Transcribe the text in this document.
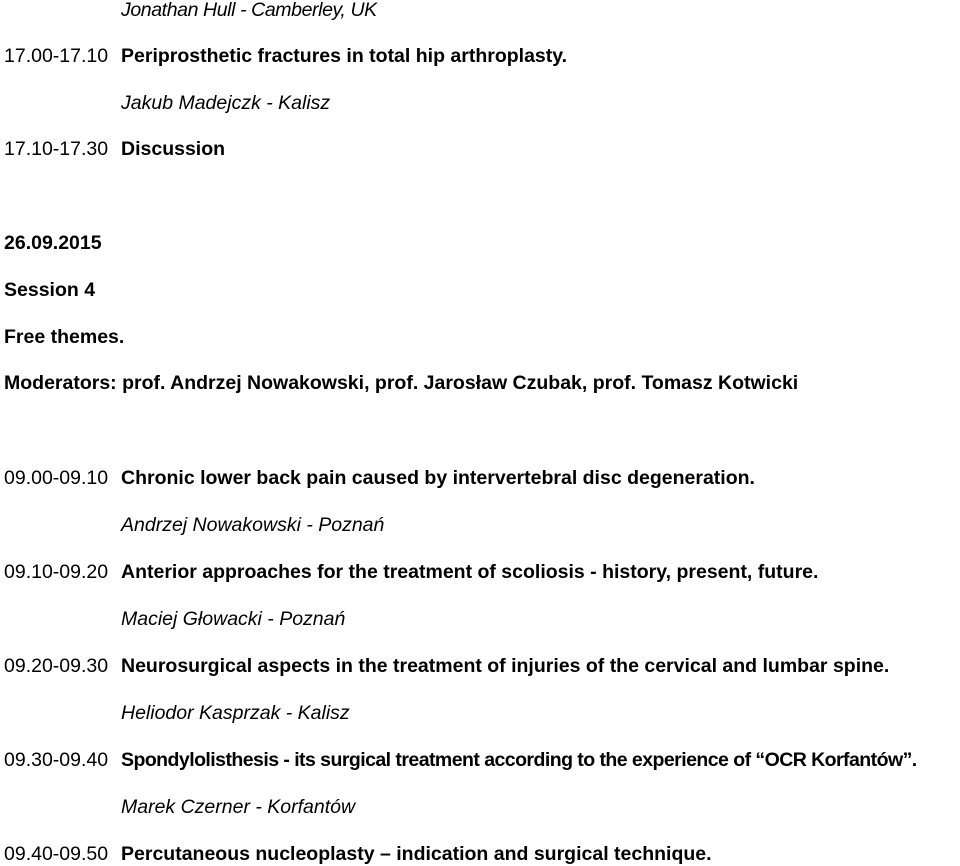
Jonathan Hull - Camberley, UK
17.00-17.10 Periprosthetic fractures in total hip arthroplasty.
Jakub Madejczk - Kalisz
17.10-17.30 Discussion
26.09.2015
Session 4
Free themes.
Moderators: prof. Andrzej Nowakowski, prof. Jarosław Czubak, prof. Tomasz Kotwicki
09.00-09.10 Chronic lower back pain caused by intervertebral disc degeneration.
Andrzej Nowakowski - Poznań
09.10-09.20 Anterior approaches for the treatment of scoliosis - history, present, future.
Maciej Głowacki - Poznań
09.20-09.30 Neurosurgical aspects in the treatment of injuries of the cervical and lumbar spine.
Heliodor Kasprzak - Kalisz
09.30-09.40 Spondylolisthesis - its surgical treatment according to the experience of “OCR Korfantów”.
Marek Czerner - Korfantów
09.40-09.50 Percutaneous nucleoplasty – indication and surgical technique.
